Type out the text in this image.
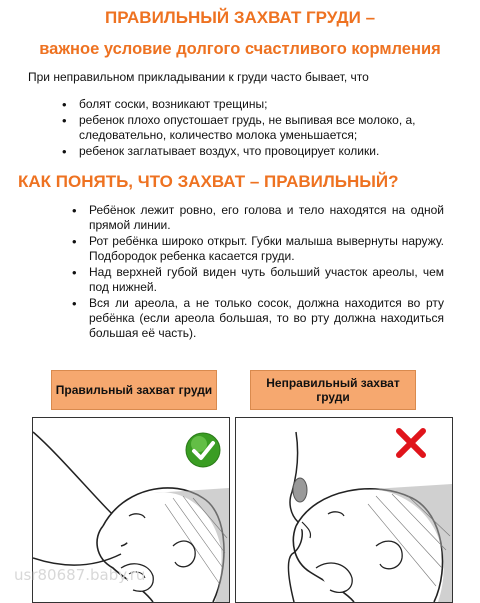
ПРАВИЛЬНЫЙ ЗАХВАТ ГРУДИ –
важное условие долгого счастливого кормления
При неправильном прикладывании к груди часто бывает, что
• болят соски, возникают трещины;
• ребенок плохо опустошает грудь, не выпивая все молоко, а, следовательно, количество молока уменьшается;
• ребенок заглатывает воздух, что провоцирует колики.
КАК ПОНЯТЬ, ЧТО ЗАХВАТ – ПРАВИЛЬНЫЙ?
• Ребёнок лежит ровно, его голова и тело находятся на одной прямой линии.
• Рот ребёнка широко открыт. Губки малыша вывернуты наружу. Подбородок ребенка касается груди.
• Над верхней губой виден чуть больший участок ареолы, чем под нижней.
• Вся ли ареола, а не только сосок, должна находится во рту ребёнка (если ареола большая, то во рту должна находиться большая её часть).
Правильный захват груди	Неправильный захват груди
usr80687.baby.ru
